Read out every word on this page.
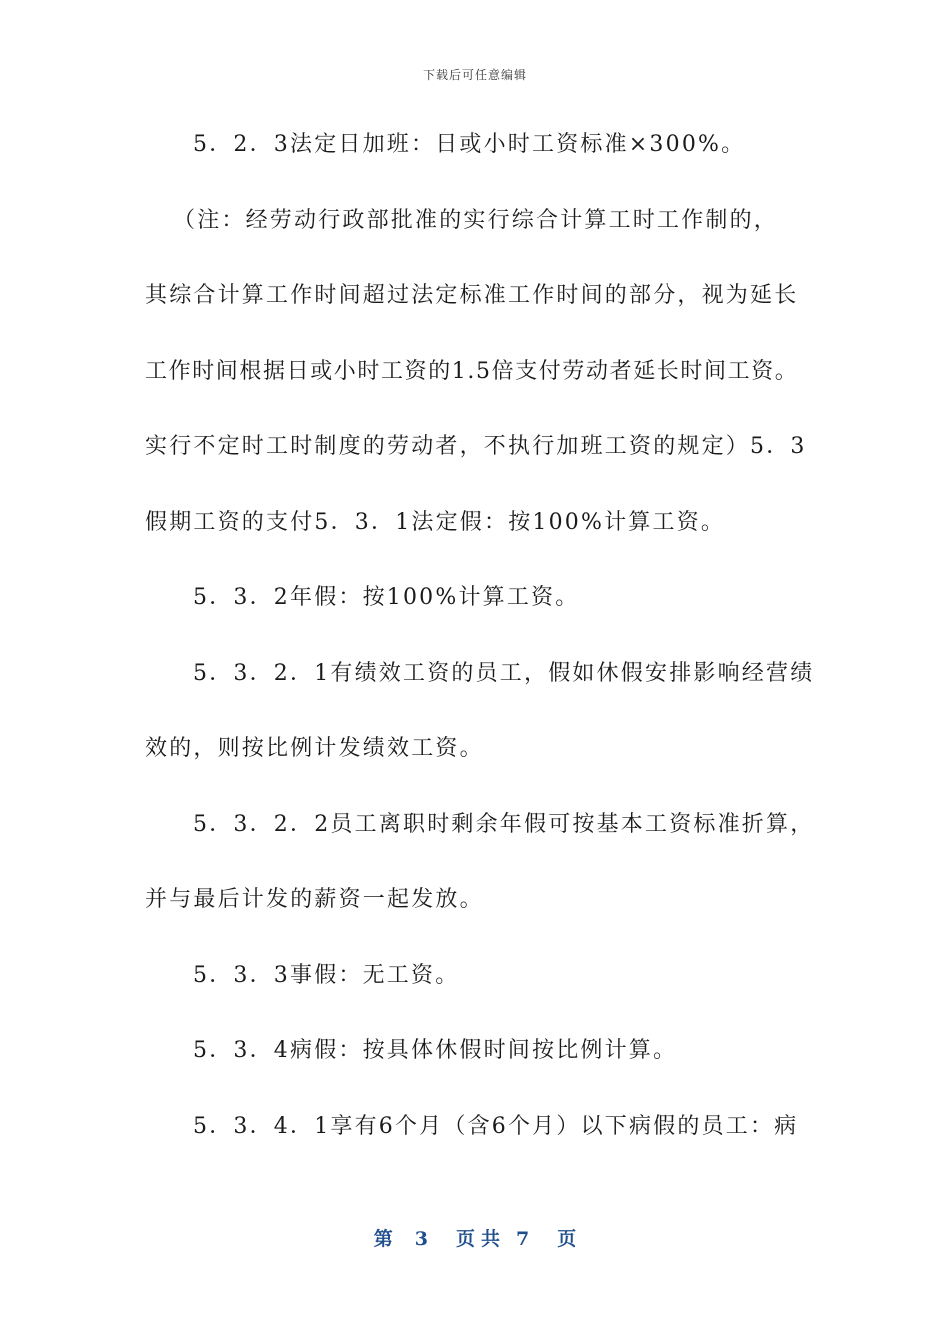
下载后可任意编辑
5．2．3法定日加班：日或小时工资标准×300%。
（注：经劳动行政部批准的实行综合计算工时工作制的，
其综合计算工作时间超过法定标准工作时间的部分，视为延长
工作时间根据日或小时工资的1.5倍支付劳动者延长时间工资。
实行不定时工时制度的劳动者，不执行加班工资的规定）5．3
假期工资的支付5．3．1法定假：按100%计算工资。
5．3．2年假：按100%计算工资。
5．3．2．1有绩效工资的员工，假如休假安排影响经营绩
效的，则按比例计发绩效工资。
5．3．2．2员工离职时剩余年假可按基本工资标准折算，
并与最后计发的薪资一起发放。
5．3．3事假：无工资。
5．3．4病假：按具体休假时间按比例计算。
5．3．4．1享有6个月（含6个月）以下病假的员工：病
第 3 页共 7 页
